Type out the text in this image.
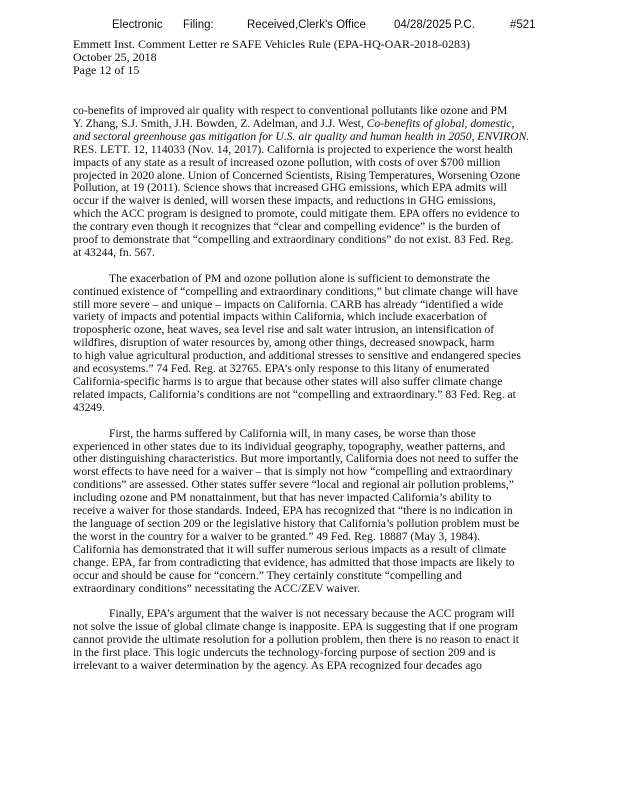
Electronic

Filing:

	Received,Clerk's Office

04/28/2025

P.C.

	#521

Emmett Inst. Comment Letter re SAFE Vehicles Rule (EPA-HQ-OAR-2018-0283)
October 25, 2018
Page 12 of 15

co-benefits of improved air quality with respect to conventional pollutants like ozone and PM
Y. Zhang, S.J. Smith, J.H. Bowden, Z. Adelman, and J.J. West, Co-benefits of global, domestic,
and sectoral greenhouse gas mitigation for U.S. air quality and human health in 2050, ENVIRON.
RES. LETT. 12, 114033 (Nov. 14, 2017). California is projected to experience the worst health
impacts of any state as a result of increased ozone pollution, with costs of over $700 million
projected in 2020 alone. Union of Concerned Scientists, Rising Temperatures, Worsening Ozone
Pollution, at 19 (2011). Science shows that increased GHG emissions, which EPA admits will
occur if the waiver is denied, will worsen these impacts, and reductions in GHG emissions,
which the ACC program is designed to promote, could mitigate them. EPA offers no evidence to
the contrary even though it recognizes that “clear and compelling evidence” is the burden of
proof to demonstrate that “compelling and extraordinary conditions” do not exist. 83 Fed. Reg.
at 43244, fn. 567.

The exacerbation of PM and ozone pollution alone is sufficient to demonstrate the
continued existence of “compelling and extraordinary conditions,” but climate change will have
still more severe – and unique – impacts on California. CARB has already “identified a wide
variety of impacts and potential impacts within California, which include exacerbation of
tropospheric ozone, heat waves, sea level rise and salt water intrusion, an intensification of
wildfires, disruption of water resources by, among other things, decreased snowpack, harm
to high value agricultural production, and additional stresses to sensitive and endangered species
and ecosystems.” 74 Fed. Reg. at 32765. EPA’s only response to this litany of enumerated
California-specific harms is to argue that because other states will also suffer climate change
related impacts, California’s conditions are not “compelling and extraordinary.” 83 Fed. Reg. at
43249.

First, the harms suffered by California will, in many cases, be worse than those
experienced in other states due to its individual geography, topography, weather patterns, and
other distinguishing characteristics. But more importantly, California does not need to suffer the
worst effects to have need for a waiver – that is simply not how “compelling and extraordinary
conditions” are assessed. Other states suffer severe “local and regional air pollution problems,”
including ozone and PM nonattainment, but that has never impacted California’s ability to
receive a waiver for those standards. Indeed, EPA has recognized that “there is no indication in
the language of section 209 or the legislative history that California’s pollution problem must be
the worst in the country for a waiver to be granted.” 49 Fed. Reg. 18887 (May 3, 1984).
California has demonstrated that it will suffer numerous serious impacts as a result of climate
change. EPA, far from contradicting that evidence, has admitted that those impacts are likely to
occur and should be cause for “concern.” They certainly constitute “compelling and
extraordinary conditions” necessitating the ACC/ZEV waiver.

Finally, EPA’s argument that the waiver is not necessary because the ACC program will
not solve the issue of global climate change is inapposite. EPA is suggesting that if one program
cannot provide the ultimate resolution for a pollution problem, then there is no reason to enact it
in the first place. This logic undercuts the technology-forcing purpose of section 209 and is
irrelevant to a waiver determination by the agency. As EPA recognized four decades ago
